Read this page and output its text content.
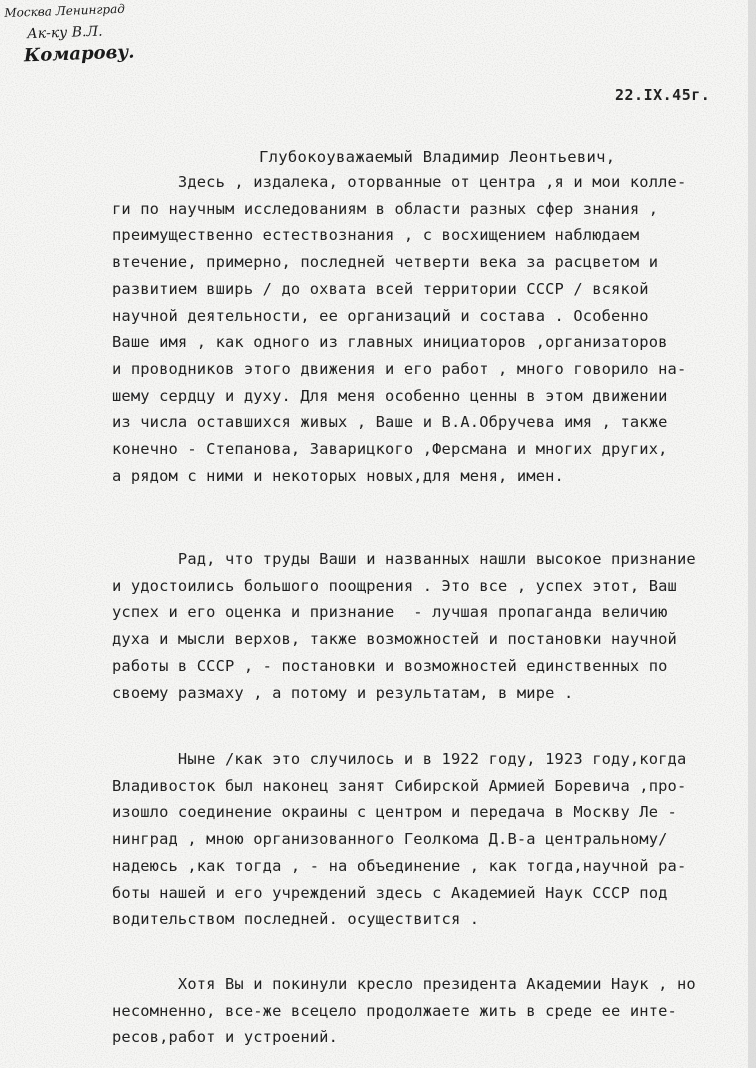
Москва Ленинград
Ак-ку В.Л.
Комарову.
22.IX.45г.
Глубокоуважаемый Владимир Леонтьевич,
Здесь , издалека, оторванные от центра ,я и мои колле-
ги по научным исследованиям в области разных сфер знания ,
преимущественно естествознания , с восхищением наблюдаем
втечение, примерно, последней четверти века за расцветом и
развитием вширь / до охвата всей территории СССР / всякой
научной деятельности, ее организаций и состава . Особенно
Ваше имя , как одного из главных инициаторов ,организаторов
и проводников этого движения и его работ , много говорило на-
шему сердцу и духу. Для меня особенно ценны в этом движении
из числа оставшихся живых , Ваше и В.А.Обручева имя , также
конечно - Степанова, Заварицкого ,Ферсмана и многих других,
а рядом с ними и некоторых новых,для меня, имен.
Рад, что труды Ваши и названных нашли высокое признание
и удостоились большого поощрения . Это все , успех этот, Ваш
успех и его оценка и признание  - лучшая пропаганда величию
духа и мысли верхов, также возможностей и постановки научной
работы в СССР , - постановки и возможностей единственных по
своему размаху , а потому и результатам, в мире .
Ныне /как это случилось и в 1922 году, 1923 году,когда
Владивосток был наконец занят Сибирской Армией Боревича ,про-
изошло соединение окраины с центром и передача в Москву Ле -
нинград , мною организованного Геолкома Д.В-а центральному/
надеюсь ,как тогда , - на объединение , как тогда,научной ра-
боты нашей и его учреждений здесь с Академией Наук СССР под
водительством последней. осуществится .
Хотя Вы и покинули кресло президента Академии Наук , но
несомненно, все-же всецело продолжаете жить в среде ее инте-
ресов,работ и устроений.
